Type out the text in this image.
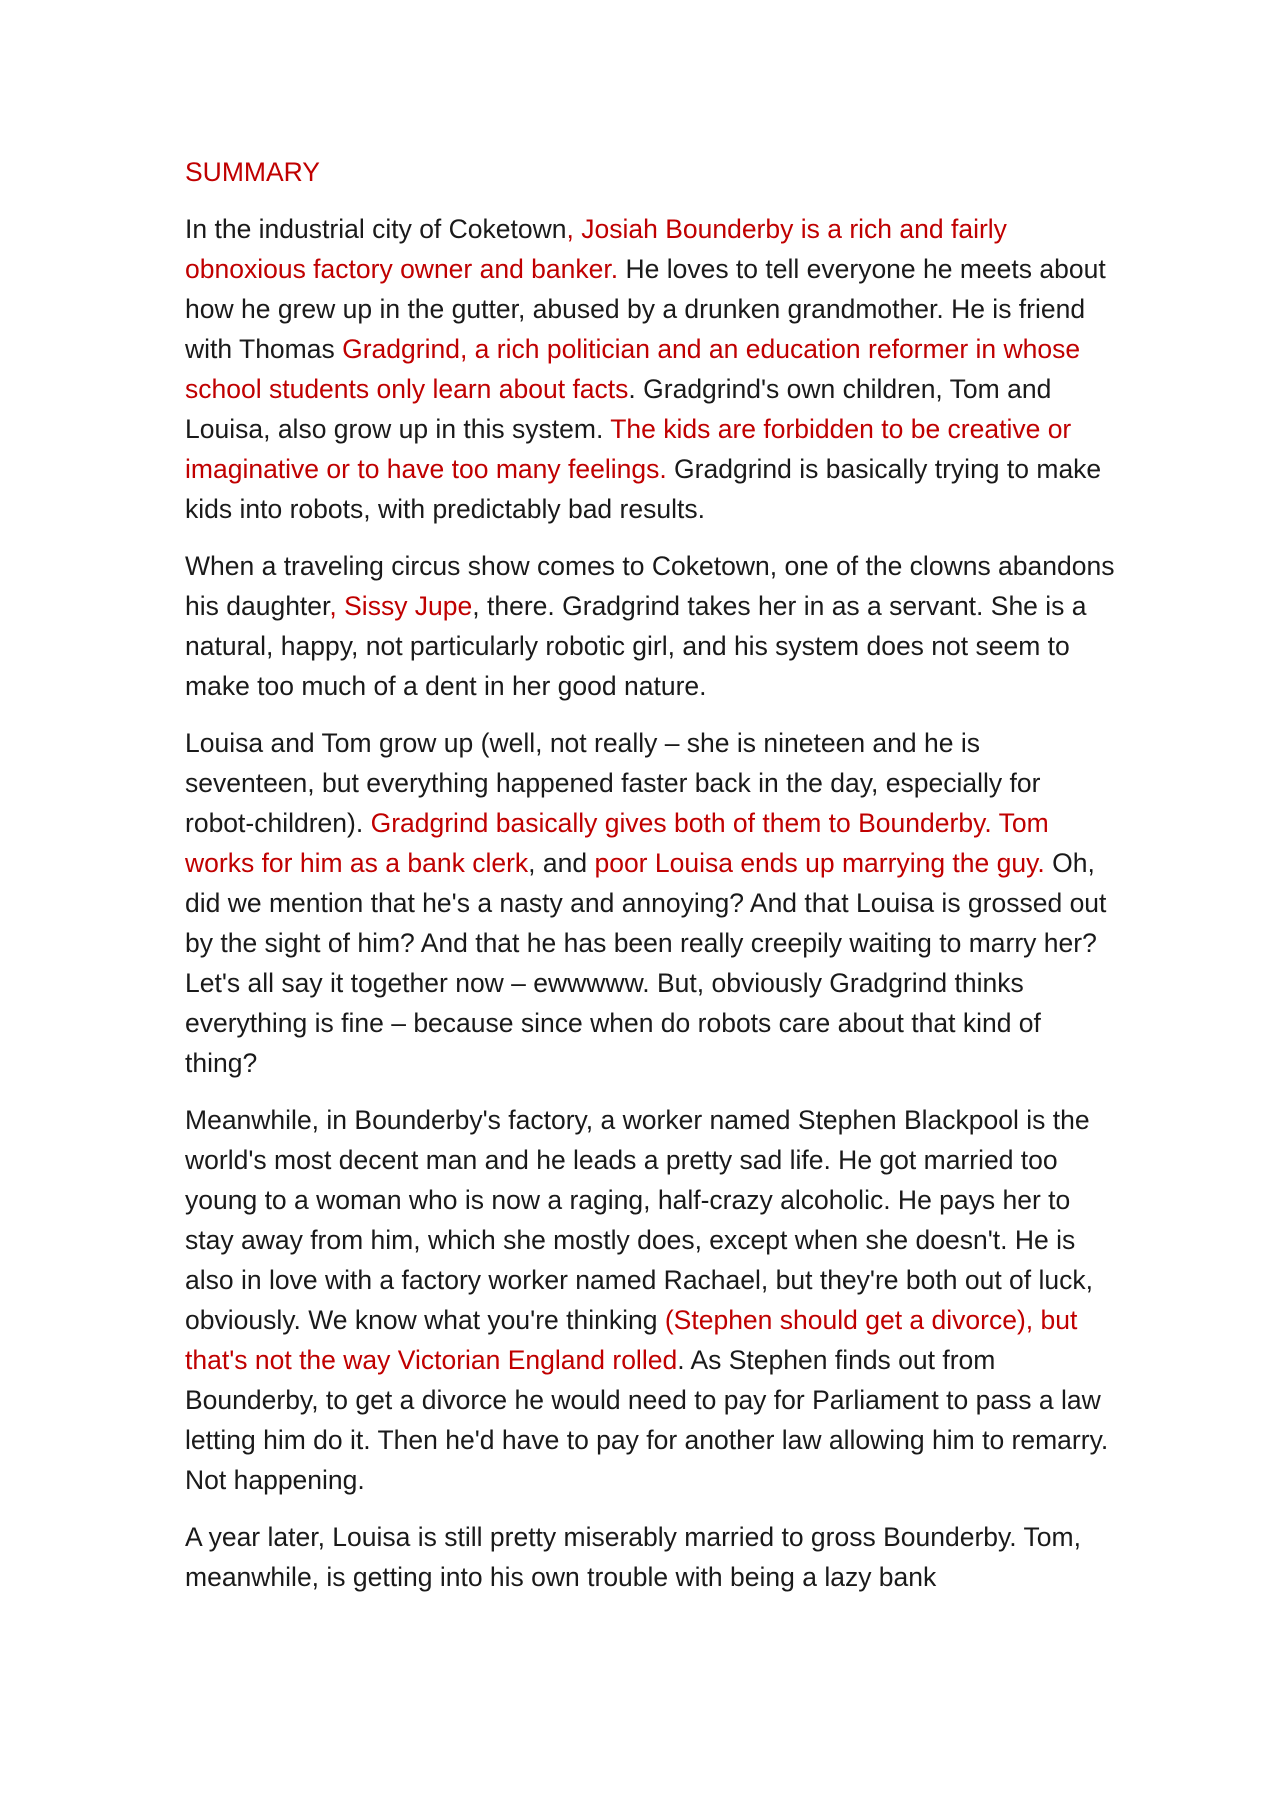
SUMMARY

In the industrial city of Coketown, Josiah Bounderby is a rich and fairly obnoxious factory owner and banker. He loves to tell everyone he meets about how he grew up in the gutter, abused by a drunken grandmother. He is friend with Thomas Gradgrind, a rich politician and an education reformer in whose school students only learn about facts. Gradgrind's own children, Tom and Louisa, also grow up in this system. The kids are forbidden to be creative or imaginative or to have too many feelings. Gradgrind is basically trying to make kids into robots, with predictably bad results.

When a traveling circus show comes to Coketown, one of the clowns abandons his daughter, Sissy Jupe, there. Gradgrind takes her in as a servant. She is a natural, happy, not particularly robotic girl, and his system does not seem to make too much of a dent in her good nature.

Louisa and Tom grow up (well, not really – she is nineteen and he is seventeen, but everything happened faster back in the day, especially for robot-children). Gradgrind basically gives both of them to Bounderby. Tom works for him as a bank clerk, and poor Louisa ends up marrying the guy. Oh, did we mention that he's a nasty and annoying? And that Louisa is grossed out by the sight of him? And that he has been really creepily waiting to marry her? Let's all say it together now – ewwwww. But, obviously Gradgrind thinks everything is fine – because since when do robots care about that kind of thing?

Meanwhile, in Bounderby's factory, a worker named Stephen Blackpool is the world's most decent man and he leads a pretty sad life. He got married too young to a woman who is now a raging, half-crazy alcoholic. He pays her to stay away from him, which she mostly does, except when she doesn't. He is also in love with a factory worker named Rachael, but they're both out of luck, obviously. We know what you're thinking (Stephen should get a divorce), but that's not the way Victorian England rolled. As Stephen finds out from Bounderby, to get a divorce he would need to pay for Parliament to pass a law letting him do it. Then he'd have to pay for another law allowing him to remarry. Not happening.

A year later, Louisa is still pretty miserably married to gross Bounderby. Tom, meanwhile, is getting into his own trouble with being a lazy bank
